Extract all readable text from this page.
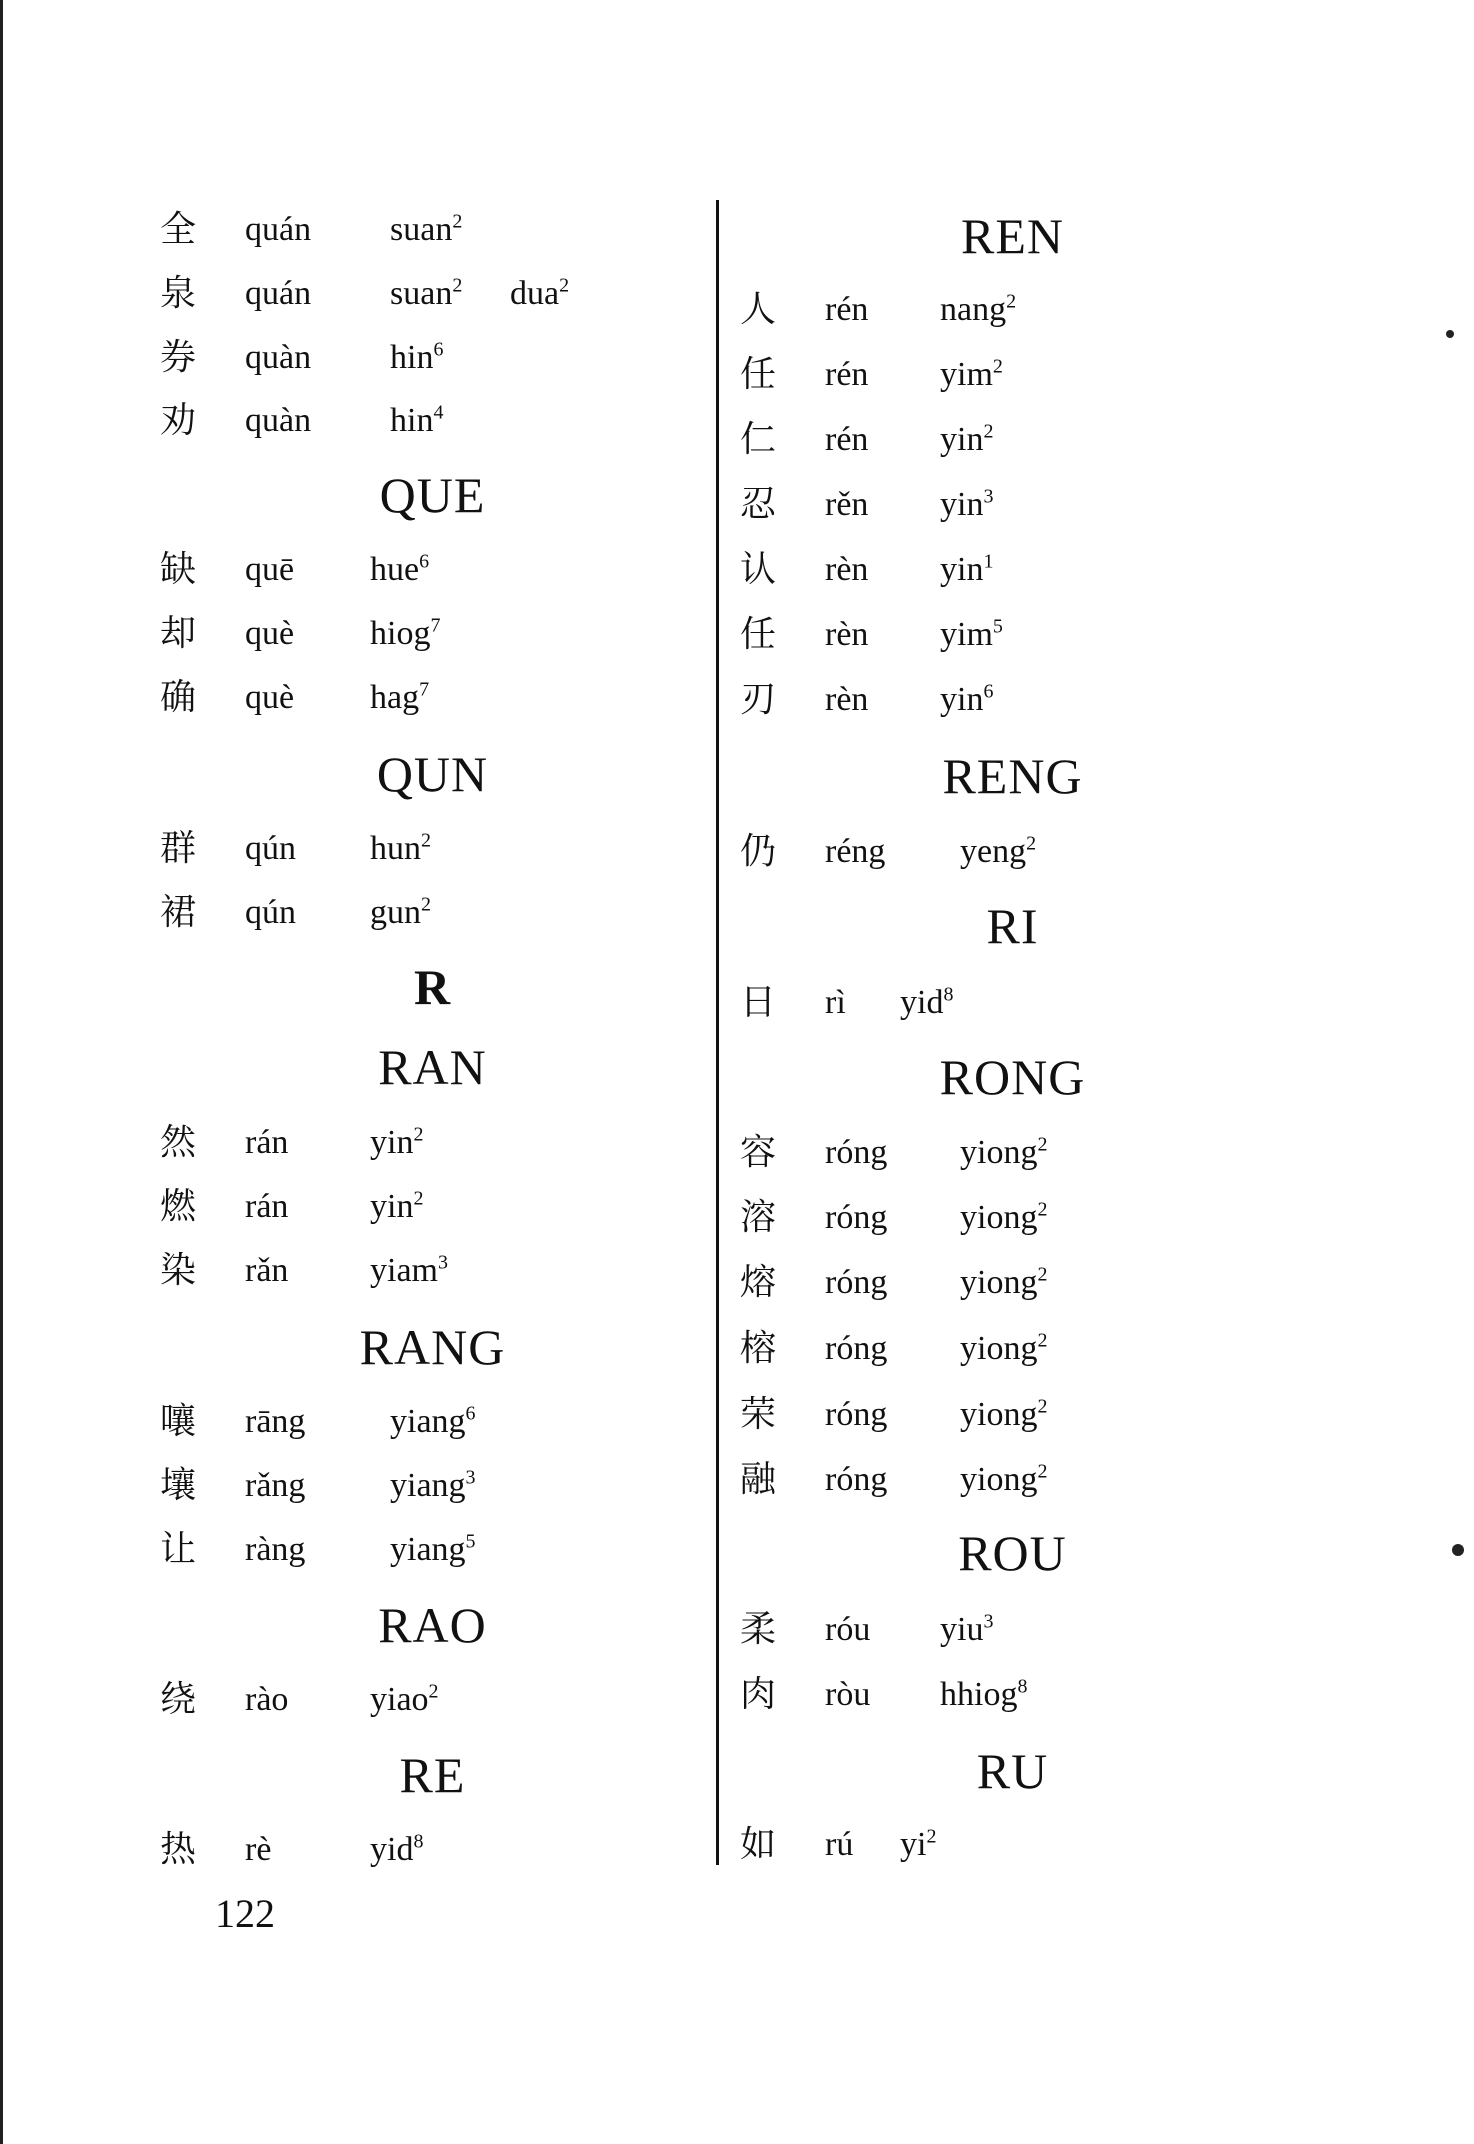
全 quán suan$^2$
泉 quán suan$^2$ dua$^2$
券 quàn hin$^6$
劝 quàn hin$^4$
QUE
缺 quē hue$^6$
却 què hiog$^7$
确 què hag$^7$
QUN
群 qún hun$^2$
裙 qún gun$^2$
R
RAN
然 rán yin$^2$
燃 rán yin$^2$
染 rǎn yiam$^3$
RANG
嚷 rāng yiang$^6$
壤 rǎng yiang$^3$
让 ràng yiang$^5$
RAO
绕 rào yiao$^2$
RE
热 rè	yid$^8$
REN
人 rén nang$^2$
任 rén yim$^2$
仁 rén yin$^2$
忍 rěn yin$^3$
认 rèn yin$^1$
任 rèn yim$^5$
刃 rèn yin$^6$
RENG
仍 réng yeng$^2$
RI
日 rì yid$^8$
RONG
容 róng yiong$^2$
溶 róng yiong$^2$
熔 róng yiong$^2$
榕 róng yiong$^2$
荣 róng yiong$^2$
融 róng yiong$^2$
ROU
柔 róu yiu$^3$
肉 ròu hhiog$^8$
RU
如 rú $yi^2$
122
